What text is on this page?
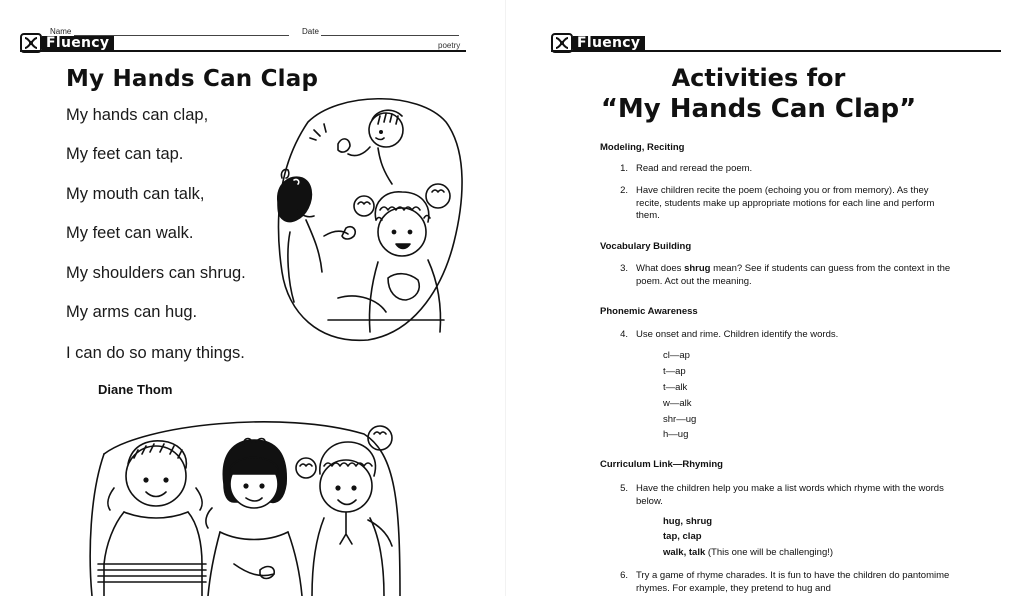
Name	Date
Fluency	poetry
My Hands Can Clap

My hands can clap,

My feet can tap.

My mouth can talk,

My feet can walk.

My shoulders can shrug.

My arms can hug.

I can do so many things.

Diane Thom

Fluency
Activities for
“My Hands Can Clap”

Modeling, Reciting

1. Read and reread the poem.
2. Have children recite the poem (echoing you or from memory). As they recite, students make up appropriate motions for each line and perform them.

Vocabulary Building

3. What does shrug mean? See if students can guess from the context in the poem. Act out the meaning.

Phonemic Awareness

4. Use onset and rime. Children identify the words.

cl—ap

t—ap

t—alk

w—alk

shr—ug

h—ug

Curriculum Link—Rhyming

5. Have the children help you make a list words which rhyme with the words below.

hug, shrug

tap, clap

walk, talk (This one will be challenging!)

6. Try a game of rhyme charades. It is fun to have the children do pantomime rhymes. For example, they pretend to hug and
